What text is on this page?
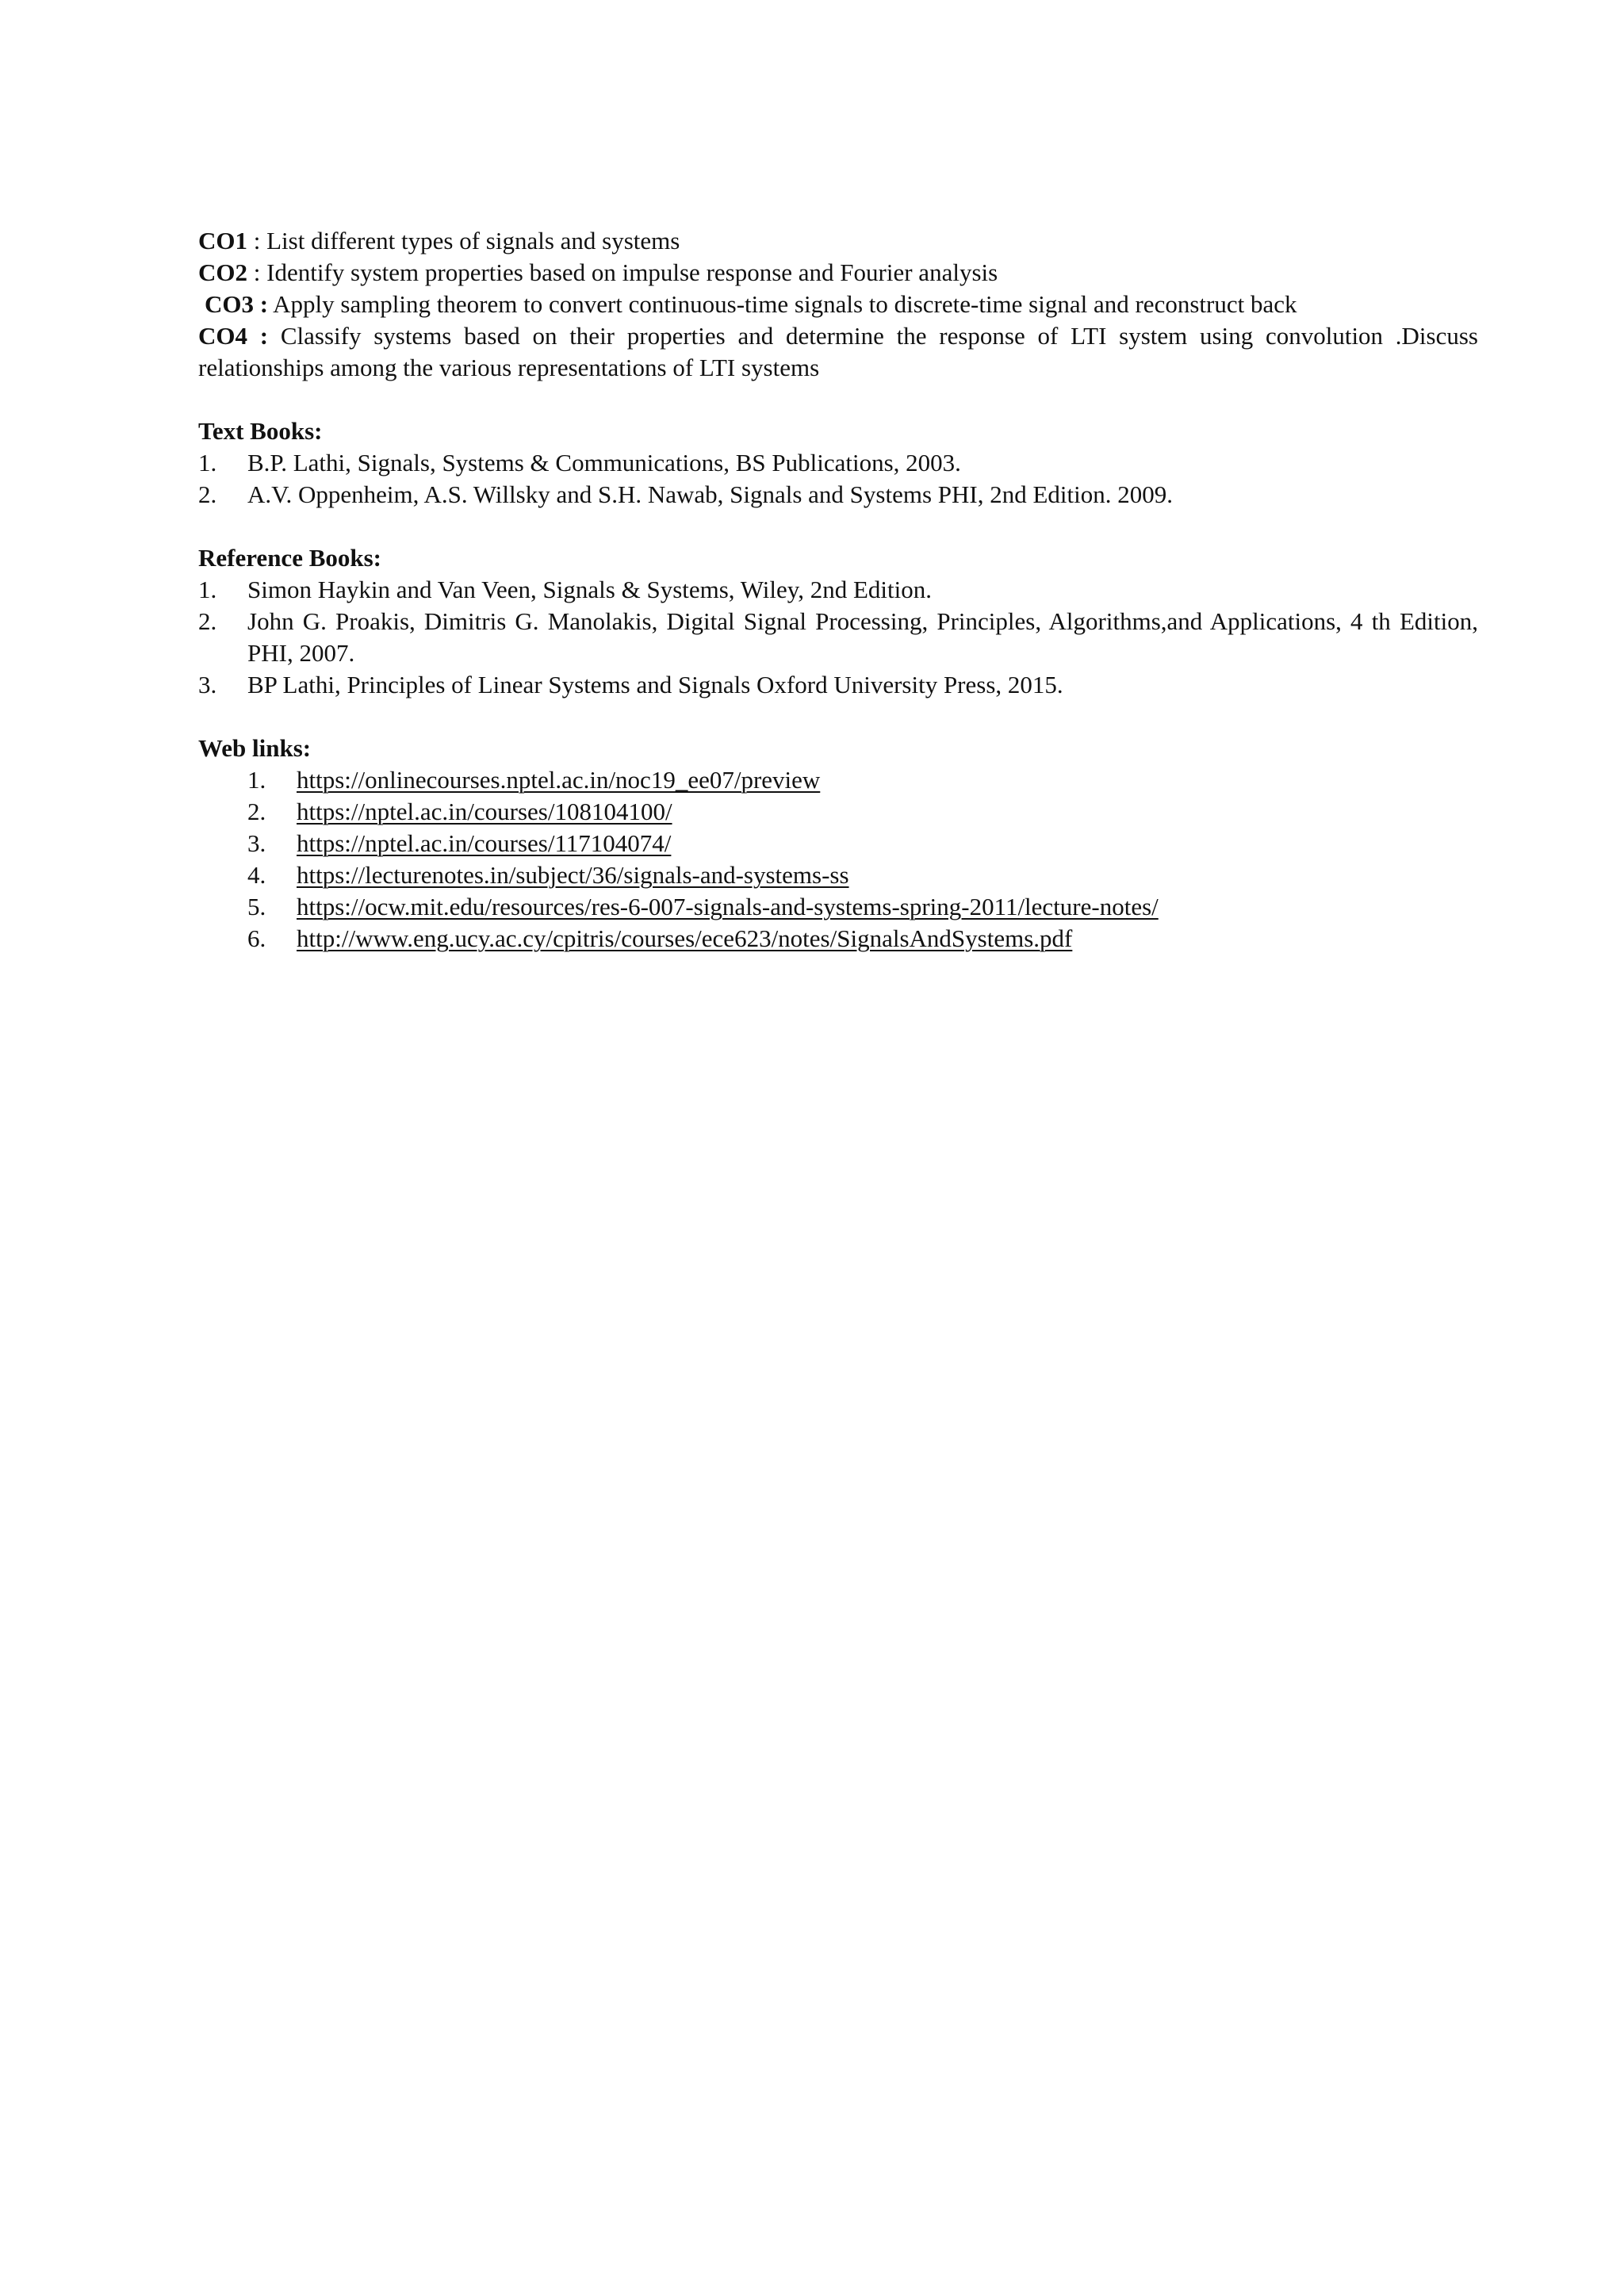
CO1 : List different types of signals and systems

CO2 : Identify system properties based on impulse response and Fourier analysis

CO3 : Apply sampling theorem to convert continuous-time signals to discrete-time signal and reconstruct back

CO4 : Classify systems based on their properties and determine the response of LTI system using convolution .Discuss relationships among the various representations of LTI systems

Text Books:

1.	B.P. Lathi, Signals, Systems & Communications, BS Publications, 2003.
2.	A.V. Oppenheim, A.S. Willsky and S.H. Nawab, Signals and Systems PHI, 2nd Edition. 2009.

Reference Books:

1.	Simon Haykin and Van Veen, Signals & Systems, Wiley, 2nd Edition.
2.	John G. Proakis, Dimitris G. Manolakis, Digital Signal Processing, Principles, Algorithms,and Applications, 4 th Edition, PHI, 2007.
3.	BP Lathi, Principles of Linear Systems and Signals Oxford University Press, 2015.

Web links:

1.	https://onlinecourses.nptel.ac.in/noc19_ee07/preview
2.	https://nptel.ac.in/courses/108104100/
3.	https://nptel.ac.in/courses/117104074/
4.	https://lecturenotes.in/subject/36/signals-and-systems-ss
5.	https://ocw.mit.edu/resources/res-6-007-signals-and-systems-spring-2011/lecture-notes/
6.	http://www.eng.ucy.ac.cy/cpitris/courses/ece623/notes/SignalsAndSystems.pdf
